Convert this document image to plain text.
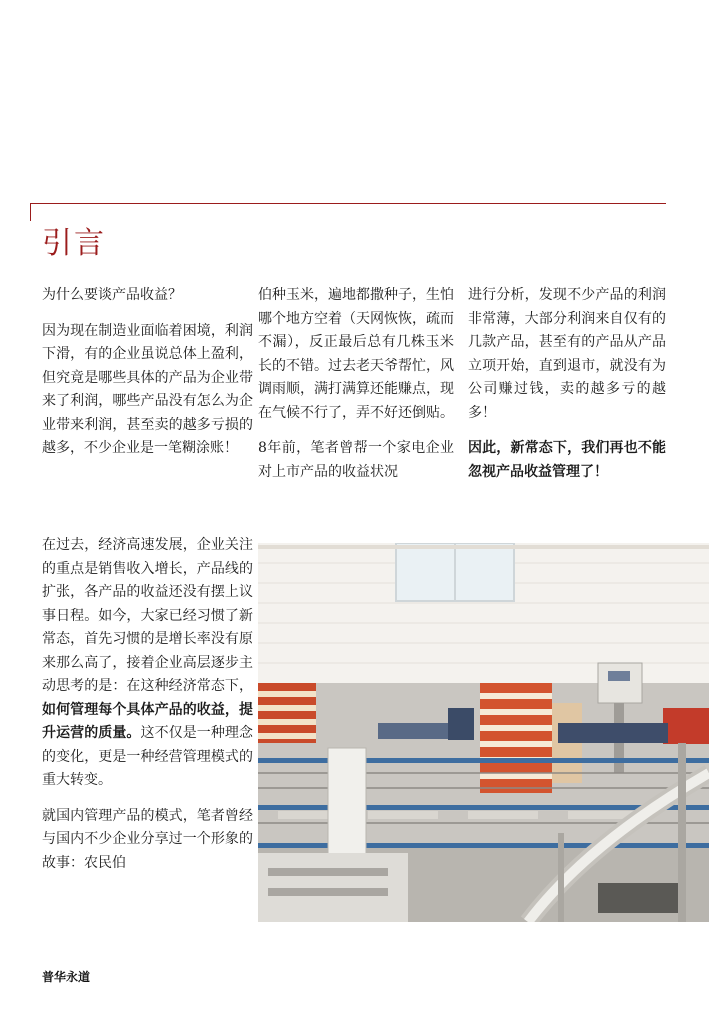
引言

为什么要谈产品收益？

因为现在制造业面临着困境，利润下滑，有的企业虽说总体上盈利，但究竟是哪些具体的产品为企业带来了利润，哪些产品没有怎么为企业带来利润，甚至卖的越多亏损的越多，不少企业是一笔糊涂账！

在过去，经济高速发展，企业关注的重点是销售收入增长，产品线的扩张，各产品的收益还没有摆上议事日程。如今，大家已经习惯了新常态，首先习惯的是增长率没有原来那么高了，接着企业高层逐步主动思考的是：在这种经济常态下，如何管理每个具体产品的收益，提升运营的质量。这不仅是一种理念的变化，更是一种经营管理模式的重大转变。

就国内管理产品的模式，笔者曾经与国内不少企业分享过一个形象的故事：农民伯

伯种玉米，遍地都撒种子，生怕哪个地方空着（天网恢恢，疏而不漏），反正最后总有几株玉米长的不错。过去老天爷帮忙，风调雨顺，满打满算还能赚点，现在气候不行了，弄不好还倒贴。

8年前，笔者曾帮一个家电企业对上市产品的收益状况

进行分析，发现不少产品的利润非常薄，大部分利润来自仅有的几款产品，甚至有的产品从产品立项开始，直到退市，就没有为公司赚过钱，卖的越多亏的越多！

因此，新常态下，我们再也不能忽视产品收益管理了！

普华永道
